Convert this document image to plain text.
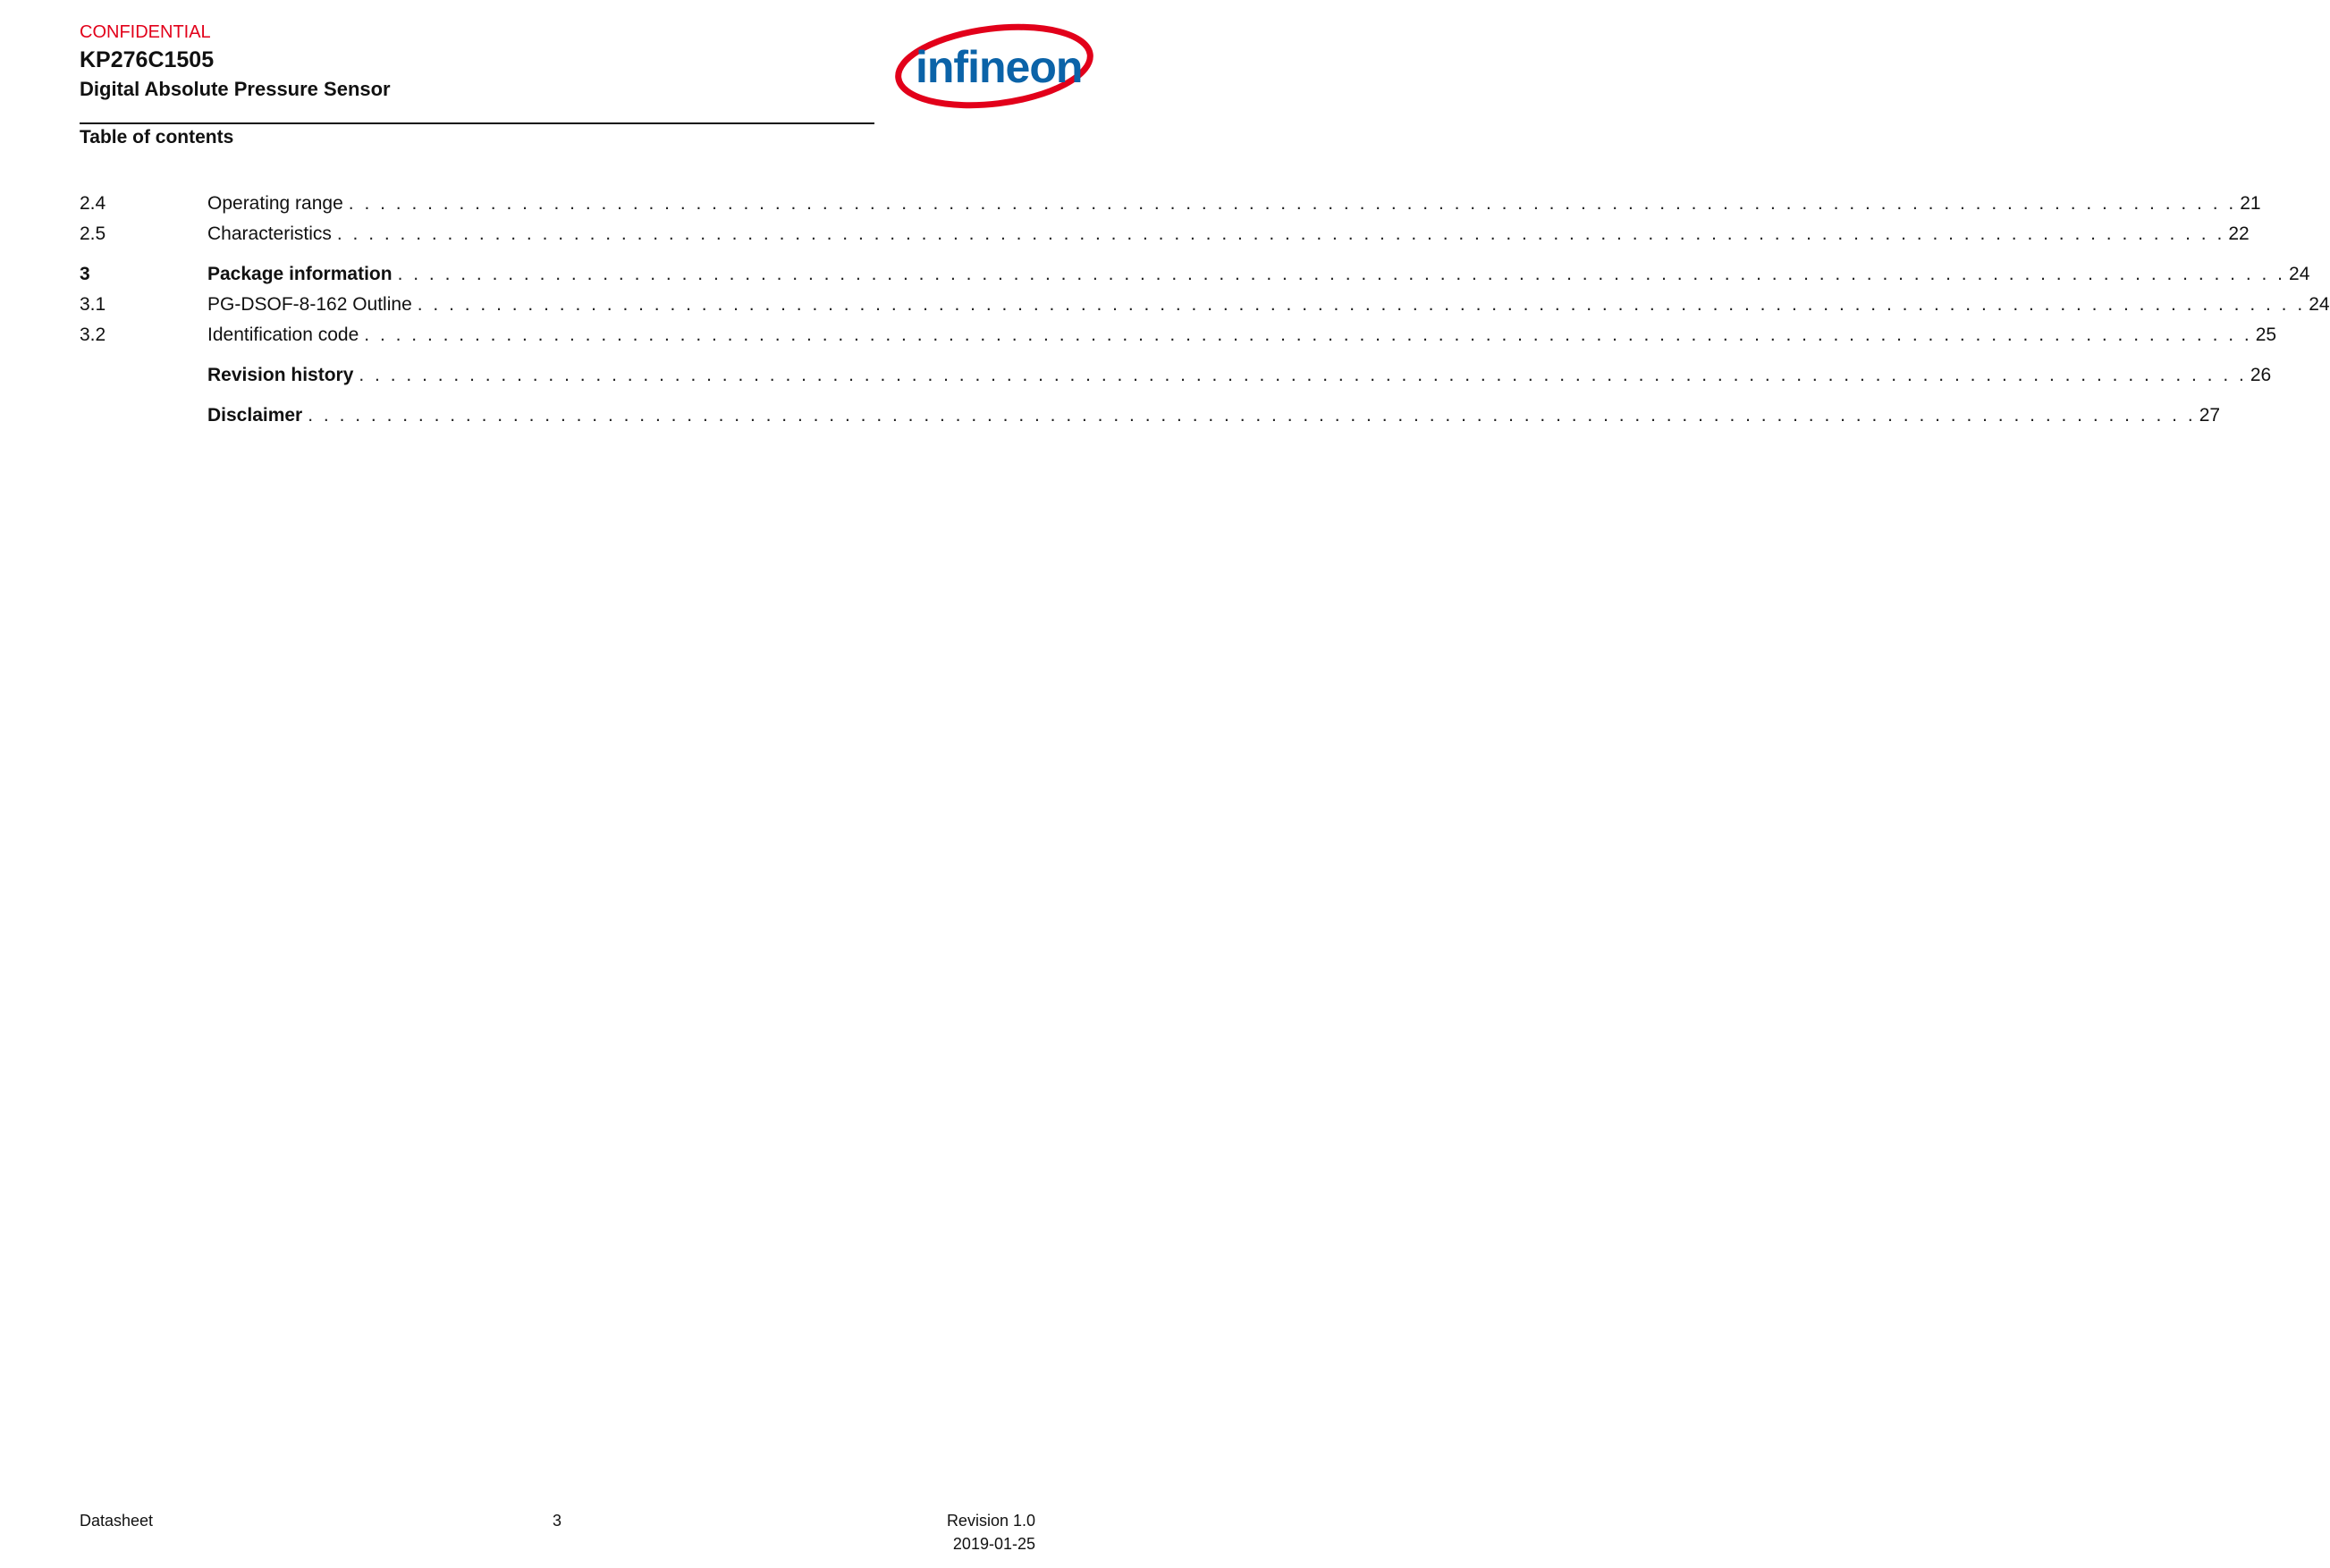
CONFIDENTIAL
KP276C1505
Digital Absolute Pressure Sensor
Table of contents
infineon
2.4	Operating range . . . . . . . . . . . . . . . . . . . . . . . . . . . . . . . . . . . . . . . . . . . . . . . . . . . . . . . . . . . . . . . . . . . . . . . . . . . . . . . . . . . . . . . . . . . . . . . . . . . . . . . . . . . . . . . . . . . . . . . . 21
2.5	Characteristics . . . . . . . . . . . . . . . . . . . . . . . . . . . . . . . . . . . . . . . . . . . . . . . . . . . . . . . . . . . . . . . . . . . . . . . . . . . . . . . . . . . . . . . . . . . . . . . . . . . . . . . . . . . . . . . . . . . . . . . . 22
3	Package information . . . . . . . . . . . . . . . . . . . . . . . . . . . . . . . . . . . . . . . . . . . . . . . . . . . . . . . . . . . . . . . . . . . . . . . . . . . . . . . . . . . . . . . . . . . . . . . . . . . . . . . . . . . . . . . . . . . . . . . . 24
3.1	PG-DSOF-8-162 Outline . . . . . . . . . . . . . . . . . . . . . . . . . . . . . . . . . . . . . . . . . . . . . . . . . . . . . . . . . . . . . . . . . . . . . . . . . . . . . . . . . . . . . . . . . . . . . . . . . . . . . . . . . . . . . . . . . . . . . . . . 24
3.2	Identification code . . . . . . . . . . . . . . . . . . . . . . . . . . . . . . . . . . . . . . . . . . . . . . . . . . . . . . . . . . . . . . . . . . . . . . . . . . . . . . . . . . . . . . . . . . . . . . . . . . . . . . . . . . . . . . . . . . . . . . . . 25
Revision history . . . . . . . . . . . . . . . . . . . . . . . . . . . . . . . . . . . . . . . . . . . . . . . . . . . . . . . . . . . . . . . . . . . . . . . . . . . . . . . . . . . . . . . . . . . . . . . . . . . . . . . . . . . . . . . . . . . . . . . . 26
Disclaimer . . . . . . . . . . . . . . . . . . . . . . . . . . . . . . . . . . . . . . . . . . . . . . . . . . . . . . . . . . . . . . . . . . . . . . . . . . . . . . . . . . . . . . . . . . . . . . . . . . . . . . . . . . . . . . . . . . . . . . . . 27
Datasheet	3	Revision 1.0
2019-01-25
